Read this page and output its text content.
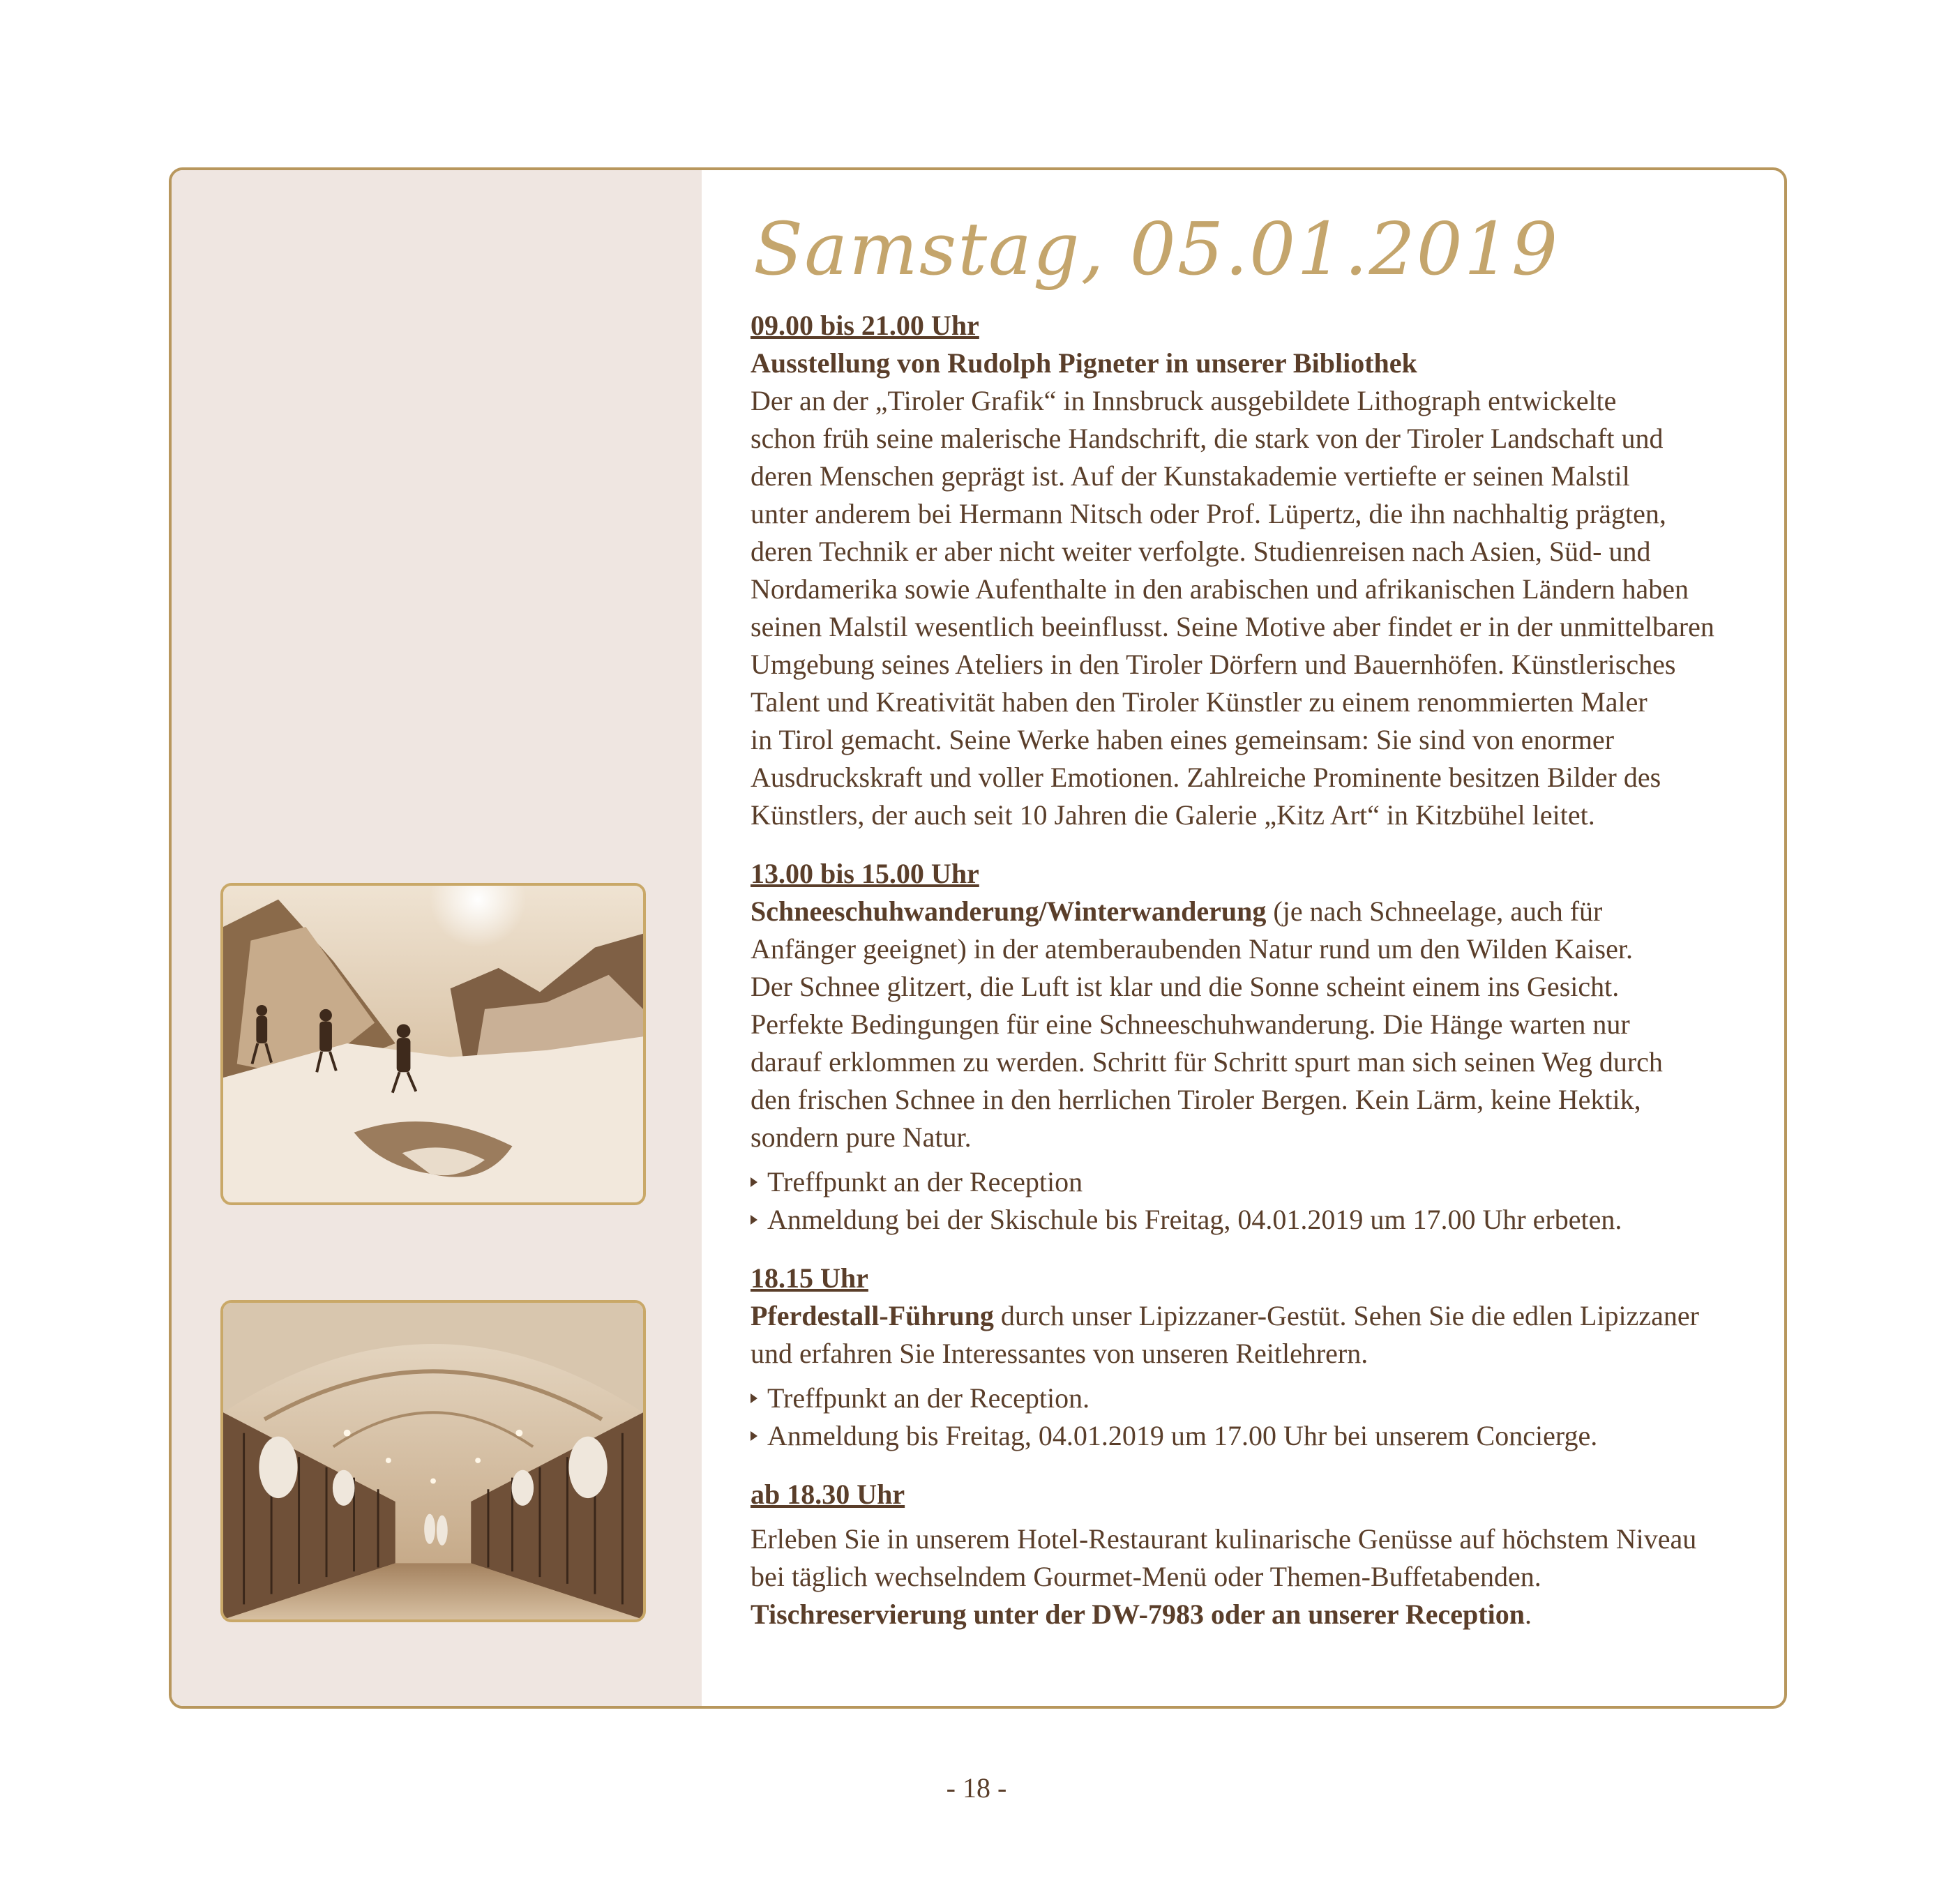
Samstag, 05.01.2019
09.00 bis 21.00 Uhr

Ausstellung von Rudolph Pigneter in unserer Bibliothek

Der an der „Tiroler Grafik“ in Innsbruck ausgebildete Lithograph entwickelte

schon früh seine malerische Handschrift, die stark von der Tiroler Landschaft und

deren Menschen geprägt ist. Auf der Kunstakademie vertiefte er seinen Malstil

unter anderem bei Hermann Nitsch oder Prof. Lüpertz, die ihn nachhaltig prägten,

deren Technik er aber nicht weiter verfolgte. Studienreisen nach Asien, Süd- und

Nordamerika sowie Aufenthalte in den arabischen und afrikanischen Ländern haben

seinen Malstil wesentlich beeinflusst. Seine Motive aber findet er in der unmittelbaren

Umgebung seines Ateliers in den Tiroler Dörfern und Bauernhöfen. Künstlerisches

Talent und Kreativität haben den Tiroler Künstler zu einem renommierten Maler

in Tirol gemacht. Seine Werke haben eines gemeinsam: Sie sind von enormer

Ausdruckskraft und voller Emotionen. Zahlreiche Prominente besitzen Bilder des

Künstlers, der auch seit 10 Jahren die Galerie „Kitz Art“ in Kitzbühel leitet.

13.00 bis 15.00 Uhr

Schneeschuhwanderung/Winterwanderung (je nach Schneelage, auch für

Anfänger geeignet) in der atemberaubenden Natur rund um den Wilden Kaiser.

Der Schnee glitzert, die Luft ist klar und die Sonne scheint einem ins Gesicht.

Perfekte Bedingungen für eine Schneeschuhwanderung. Die Hänge warten nur

darauf erklommen zu werden. Schritt für Schritt spurt man sich seinen Weg durch

den frischen Schnee in den herrlichen Tiroler Bergen. Kein Lärm, keine Hektik,

sondern pure Natur.

Treffpunkt an der Reception
Anmeldung bei der Skischule bis Freitag, 04.01.2019 um 17.00 Uhr erbeten.
18.15 Uhr

Pferdestall-Führung durch unser Lipizzaner-Gestüt. Sehen Sie die edlen Lipizzaner

und erfahren Sie Interessantes von unseren Reitlehrern.

Treffpunkt an der Reception.
Anmeldung bis Freitag, 04.01.2019 um 17.00 Uhr bei unserem Concierge.
ab 18.30 Uhr

Erleben Sie in unserem Hotel-Restaurant kulinarische Genüsse auf höchstem Niveau

bei täglich wechselndem Gourmet-Menü oder Themen-Buffetabenden.

Tischreservierung unter der DW-7983 oder an unserer Reception.

- 18 -
